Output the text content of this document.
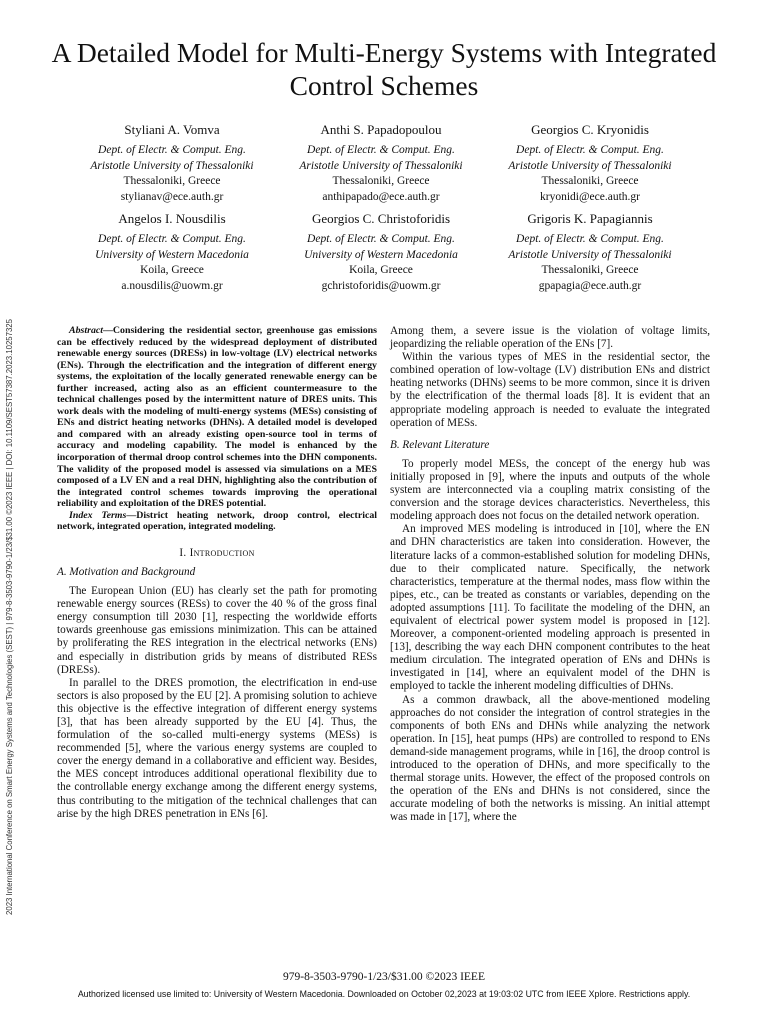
2023 International Conference on Smart Energy Systems and Technologies (SEST) | 979-8-3503-9790-1/23/$31.00 ©2023 IEEE | DOI: 10.1109/SEST57387.2023.10257325
A Detailed Model for Multi-Energy Systems with Integrated Control Schemes
Styliani A. Vomva
Dept. of Electr. & Comput. Eng.
Aristotle University of Thessaloniki
Thessaloniki, Greece
stylianav@ece.auth.gr
Anthi S. Papadopoulou
Dept. of Electr. & Comput. Eng.
Aristotle University of Thessaloniki
Thessaloniki, Greece
anthipapado@ece.auth.gr
Georgios C. Kryonidis
Dept. of Electr. & Comput. Eng.
Aristotle University of Thessaloniki
Thessaloniki, Greece
kryonidi@ece.auth.gr
Angelos I. Nousdilis
Dept. of Electr. & Comput. Eng.
University of Western Macedonia
Koila, Greece
a.nousdilis@uowm.gr
Georgios C. Christoforidis
Dept. of Electr. & Comput. Eng.
University of Western Macedonia
Koila, Greece
gchristoforidis@uowm.gr
Grigoris K. Papagiannis
Dept. of Electr. & Comput. Eng.
Aristotle University of Thessaloniki
Thessaloniki, Greece
gpapagia@ece.auth.gr

Abstract—Considering the residential sector, greenhouse gas emissions can be effectively reduced by the widespread deployment of distributed renewable energy sources (DRESs) in low-voltage (LV) electrical networks (ENs). Through the electrification and the integration of different energy systems, the exploitation of the locally generated renewable energy can be further increased, acting also as an efficient countermeasure to the technical challenges posed by the intermittent nature of DRES units. This work deals with the modeling of multi-energy systems (MESs) consisting of ENs and district heating networks (DHNs). A detailed model is developed and compared with an already existing open-source tool in terms of accuracy and modeling capability. The model is enhanced by the incorporation of thermal droop control schemes into the DHN components. The validity of the proposed model is assessed via simulations on a MES composed of a LV EN and a real DHN, highlighting also the contribution of the integrated control schemes towards improving the operational reliability and exploitation of the DRES potential.

Index Terms—District heating network, droop control, electrical network, integrated operation, integrated modeling.

I. Introduction

A. Motivation and Background

The European Union (EU) has clearly set the path for promoting renewable energy sources (RESs) to cover the 40 % of the gross final energy consumption till 2030 [1], respecting the worldwide efforts towards greenhouse gas emissions minimization. This can be attained by proliferating the RES integration in the electrical networks (ENs) and especially in distribution grids by means of distributed RESs (DRESs).

In parallel to the DRES promotion, the electrification in end-use sectors is also proposed by the EU [2]. A promising solution to achieve this objective is the effective integration of different energy systems [3], that has been already supported by the EU [4]. Thus, the formulation of the so-called multi-energy systems (MESs) is recommended [5], where the various energy systems are coupled to cover the energy demand in a collaborative and efficient way. Besides, the MES concept introduces additional operational flexibility due to the controllable energy exchange among the different energy systems, thus contributing to the mitigation of the technical challenges that can arise by the high DRES penetration in ENs [6].

Among them, a severe issue is the violation of voltage limits, jeopardizing the reliable operation of the ENs [7].

Within the various types of MES in the residential sector, the combined operation of low-voltage (LV) distribution ENs and district heating networks (DHNs) seems to be more common, since it is driven by the electrification of the thermal loads [8]. It is evident that an appropriate modeling approach is needed to evaluate the integrated operation of MESs.

B. Relevant Literature

To properly model MESs, the concept of the energy hub was initially proposed in [9], where the inputs and outputs of the whole system are interconnected via a coupling matrix consisting of the conversion and the storage devices characteristics. Nevertheless, this modeling approach does not focus on the detailed network operation.

An improved MES modeling is introduced in [10], where the EN and DHN characteristics are taken into consideration. However, the literature lacks of a common-established solution for modeling DHNs, due to their complicated nature. Specifically, the network characteristics, temperature at the thermal nodes, mass flow within the pipes, etc., can be treated as constants or variables, depending on the adopted assumptions [11]. To facilitate the modeling of the DHN, an equivalent of electrical power system model is proposed in [12]. Moreover, a component-oriented modeling approach is presented in [13], describing the way each DHN component contributes to the heat medium circulation. The integrated operation of ENs and DHNs is investigated in [14], where an equivalent model of the DHN is employed to tackle the inherent modeling difficulties of DHNs.

As a common drawback, all the above-mentioned modeling approaches do not consider the integration of control strategies in the components of both ENs and DHNs while analyzing the network operation. In [15], heat pumps (HPs) are controlled to respond to ENs demand-side management programs, while in [16], the droop control is introduced to the operation of DHNs, and more specifically to the thermal storage units. However, the effect of the proposed controls on the operation of the ENs and DHNs is not considered, since the accurate modeling of both the networks is missing. An initial attempt was made in [17], where the

979-8-3503-9790-1/23/$31.00 ©2023 IEEE
Authorized licensed use limited to: University of Western Macedonia. Downloaded on October 02,2023 at 19:03:02 UTC from IEEE Xplore. Restrictions apply.
